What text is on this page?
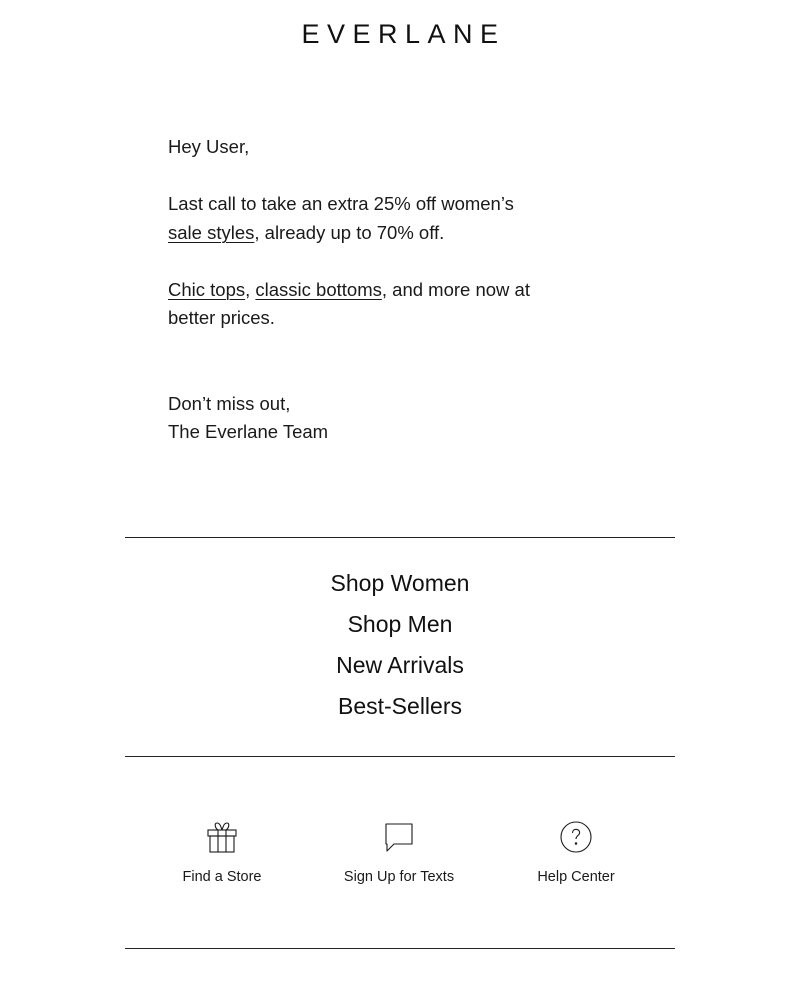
EVERLANE

Hey User,

Last call to take an extra 25% off women’s
sale styles, already up to 70% off.

Chic tops, classic bottoms, and more now at better prices.

Don’t miss out,

The Everlane Team

Shop Women
Shop Men
New Arrivals
Best-Sellers
Find a Store	Sign Up for Texts	Help Center
